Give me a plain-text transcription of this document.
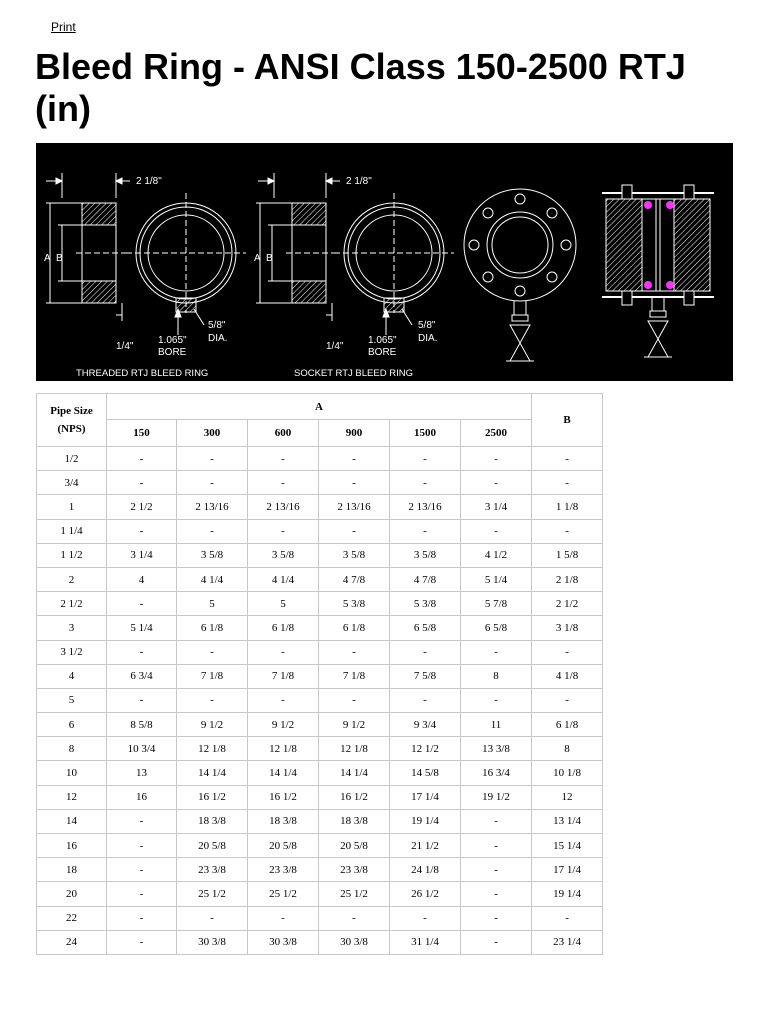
Print
Bleed Ring - ANSI Class 150-2500 RTJ (in)
2 1/8"	2 1/8"
A B	A B
1/4"	1/4"
1.065"
BORE
1.065"
BORE
5/8"
DIA.
5/8"
DIA.
THREADED RTJ BLEED RING	SOCKET RTJ BLEED RING
Pipe Size
(NPS)	A						B
	150	300	600	900	1500	2500	
1/2	-	-	-	-	-	-	-
3/4	-	-	-	-	-	-	-
1	2 1/2	2 13/16	2 13/16	2 13/16	2 13/16	3 1/4	1 1/8
1 1/4	-	-	-	-	-	-	-
1 1/2	3 1/4	3 5/8	3 5/8	3 5/8	3 5/8	4 1/2	1 5/8
2	4	4 1/4	4 1/4	4 7/8	4 7/8	5 1/4	2 1/8
2 1/2	-	5	5	5 3/8	5 3/8	5 7/8	2 1/2
3	5 1/4	6 1/8	6 1/8	6 1/8	6 5/8	6 5/8	3 1/8
3 1/2	-	-	-	-	-	-	-
4	6 3/4	7 1/8	7 1/8	7 1/8	7 5/8	8	4 1/8
5	-	-	-	-	-	-	-
6	8 5/8	9 1/2	9 1/2	9 1/2	9 3/4	11	6 1/8
8	10 3/4	12 1/8	12 1/8	12 1/8	12 1/2	13 3/8	8
10	13	14 1/4	14 1/4	14 1/4	14 5/8	16 3/4	10 1/8
12	16	16 1/2	16 1/2	16 1/2	17 1/4	19 1/2	12
14	-	18 3/8	18 3/8	18 3/8	19 1/4	-	13 1/4
16	-	20 5/8	20 5/8	20 5/8	21 1/2	-	15 1/4
18	-	23 3/8	23 3/8	23 3/8	24 1/8	-	17 1/4
20	-	25 1/2	25 1/2	25 1/2	26 1/2	-	19 1/4
22	-	-	-	-	-	-	-
24	-	30 3/8	30 3/8	30 3/8	31 1/4	-	23 1/4
